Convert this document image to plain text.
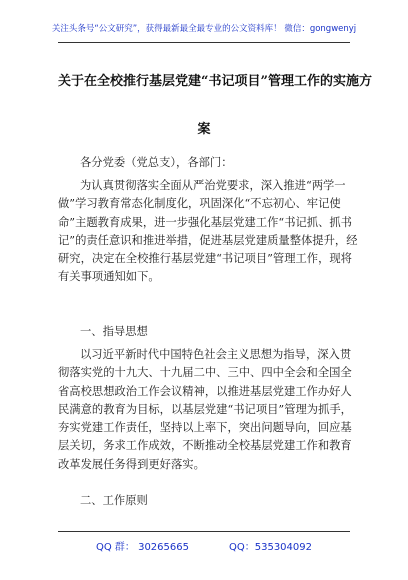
关注头条号“公文研究”，获得最新最全最专业的公文资料库！ 微信：gongwenyj
关于在全校推行基层党建“书记项目”管理工作的实施方
案
各分党委（党总支），各部门：
为认真贯彻落实全面从严治党要求，深入推进“两学一做”学习教育常态化制度化，巩固深化“不忘初心、牢记使命”主题教育成果，进一步强化基层党建工作“书记抓、抓书记”的责任意识和推进举措，促进基层党建质量整体提升，经研究，决定在全校推行基层党建“书记项目”管理工作，现将有关事项通知如下。
一、指导思想
以习近平新时代中国特色社会主义思想为指导，深入贯彻落实党的十九大、十九届二中、三中、四中全会和全国全省高校思想政治工作会议精神，以推进基层党建工作办好人民满意的教育为目标，以基层党建“书记项目”管理为抓手，夯实党建工作责任，坚持以上率下，突出问题导向，回应基层关切，务求工作成效，不断推动全校基层党建工作和教育改革发展任务得到更好落实。
二、工作原则
QQ 群： 30265665	QQ：535304092
